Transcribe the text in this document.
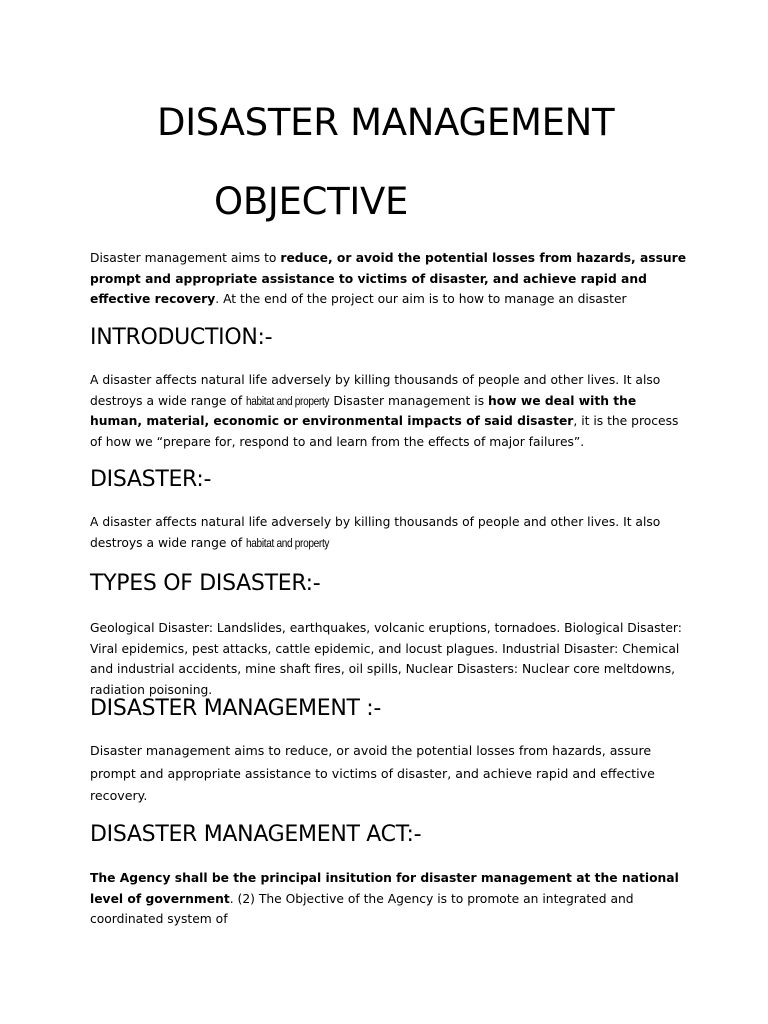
DISASTER MANAGEMENT
OBJECTIVE

Disaster management aims to reduce, or avoid the potential losses from hazards, assure prompt and appropriate assistance to victims of disaster, and achieve rapid and effective recovery. At the end of the project our aim is to how to manage an disaster

INTRODUCTION:-

A disaster affects natural life adversely by killing thousands of people and other lives. It also destroys a wide range of habitat and property Disaster management is how we deal with the human, material, economic or environmental impacts of said disaster, it is the process of how we “prepare for, respond to and learn from the effects of major failures”.

DISASTER:-

A disaster affects natural life adversely by killing thousands of people and other lives. It also destroys a wide range of habitat and property

TYPES OF DISASTER:-

Geological Disaster: Landslides, earthquakes, volcanic eruptions, tornadoes. Biological Disaster: Viral epidemics, pest attacks, cattle epidemic, and locust plagues. Industrial Disaster: Chemical and industrial accidents, mine shaft fires, oil spills, Nuclear Disasters: Nuclear core meltdowns, radiation poisoning.

DISASTER MANAGEMENT :-

Disaster management aims to reduce, or avoid the potential losses from hazards, assure prompt and appropriate assistance to victims of disaster, and achieve rapid and effective recovery.

DISASTER MANAGEMENT ACT:-

The Agency shall be the principal insitution for disaster management at the national level of government. (2) The Objective of the Agency is to promote an integrated and coordinated system of
